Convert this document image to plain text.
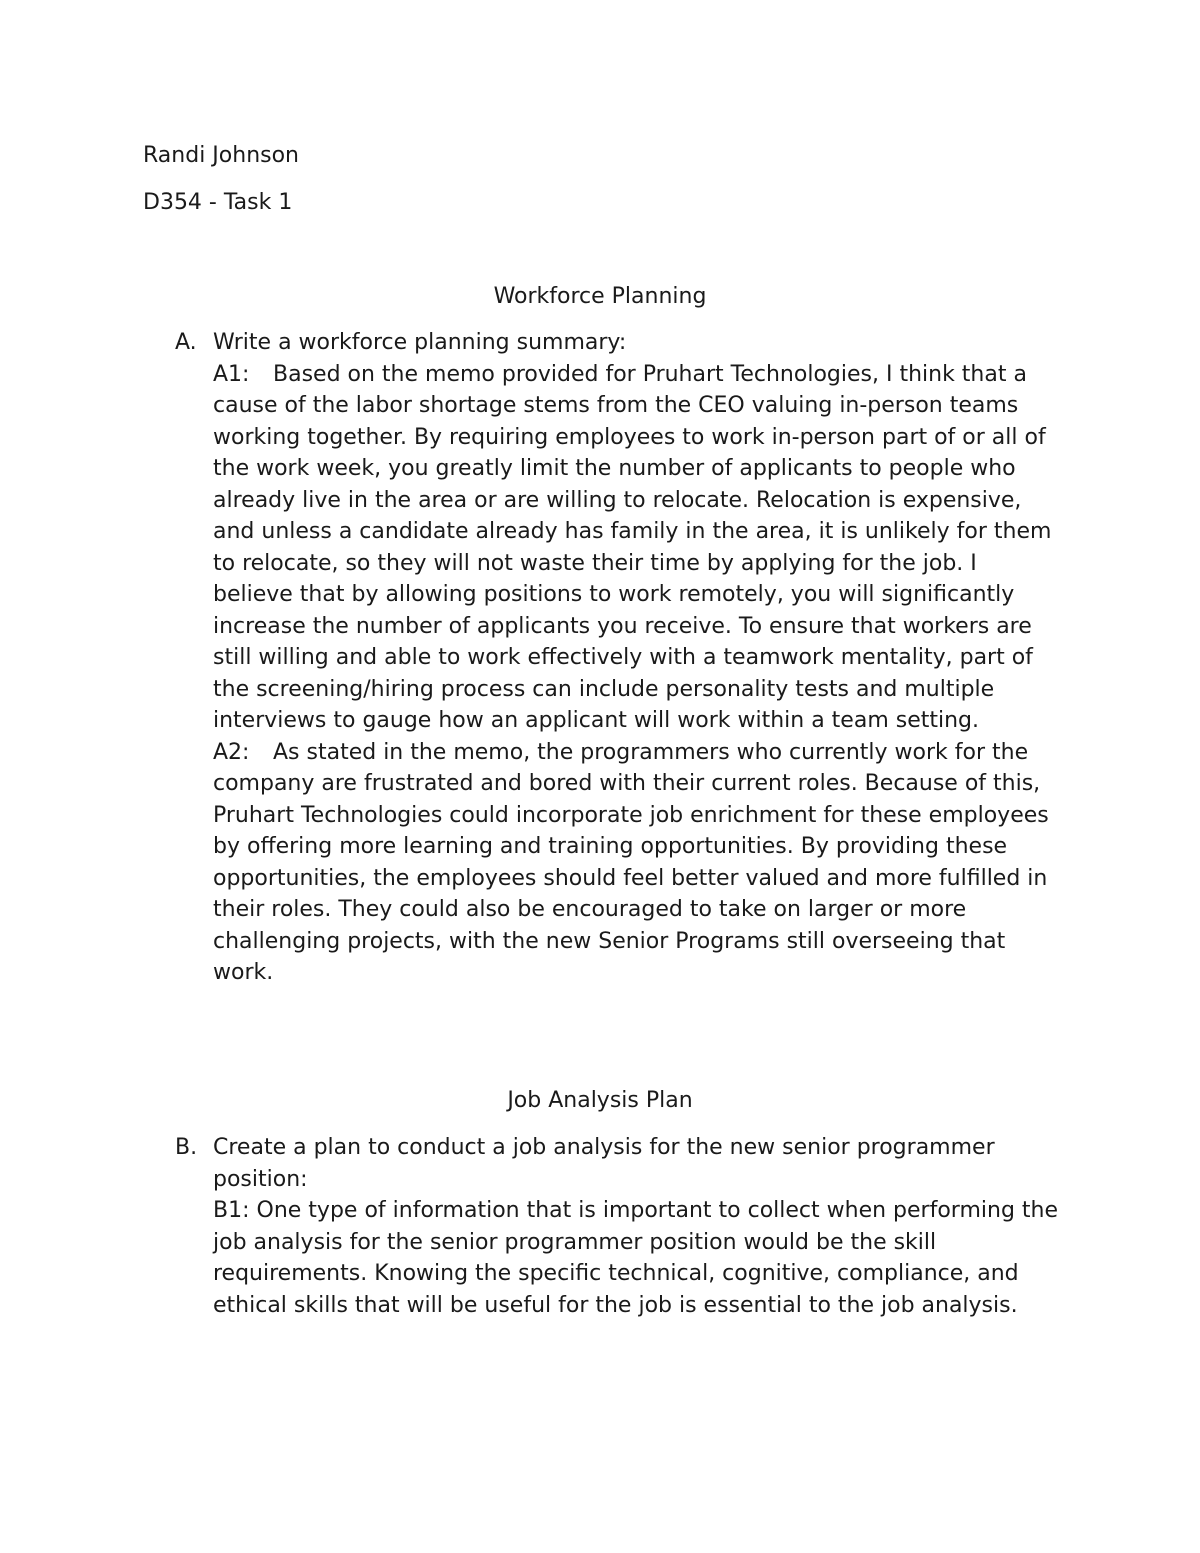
Randi Johnson
D354 - Task 1
Workforce Planning
A. Write a workforce planning summary:

A1: Based on the memo provided for Pruhart Technologies, I think that a cause of the labor shortage stems from the CEO valuing in-person teams working together. By requiring employees to work in-person part of or all of the work week, you greatly limit the number of applicants to people who already live in the area or are willing to relocate. Relocation is expensive, and unless a candidate already has family in the area, it is unlikely for them to relocate, so they will not waste their time by applying for the job. I believe that by allowing positions to work remotely, you will significantly increase the number of applicants you receive. To ensure that workers are still willing and able to work effectively with a teamwork mentality, part of the screening/hiring process can include personality tests and multiple interviews to gauge how an applicant will work within a team setting.

A2: As stated in the memo, the programmers who currently work for the company are frustrated and bored with their current roles. Because of this, Pruhart Technologies could incorporate job enrichment for these employees by offering more learning and training opportunities. By providing these opportunities, the employees should feel better valued and more fulfilled in their roles. They could also be encouraged to take on larger or more challenging projects, with the new Senior Programs still overseeing that work.

Job Analysis Plan
B. Create a plan to conduct a job analysis for the new senior programmer position:

B1: One type of information that is important to collect when performing the job analysis for the senior programmer position would be the skill requirements. Knowing the specific technical, cognitive, compliance, and ethical skills that will be useful for the job is essential to the job analysis.
